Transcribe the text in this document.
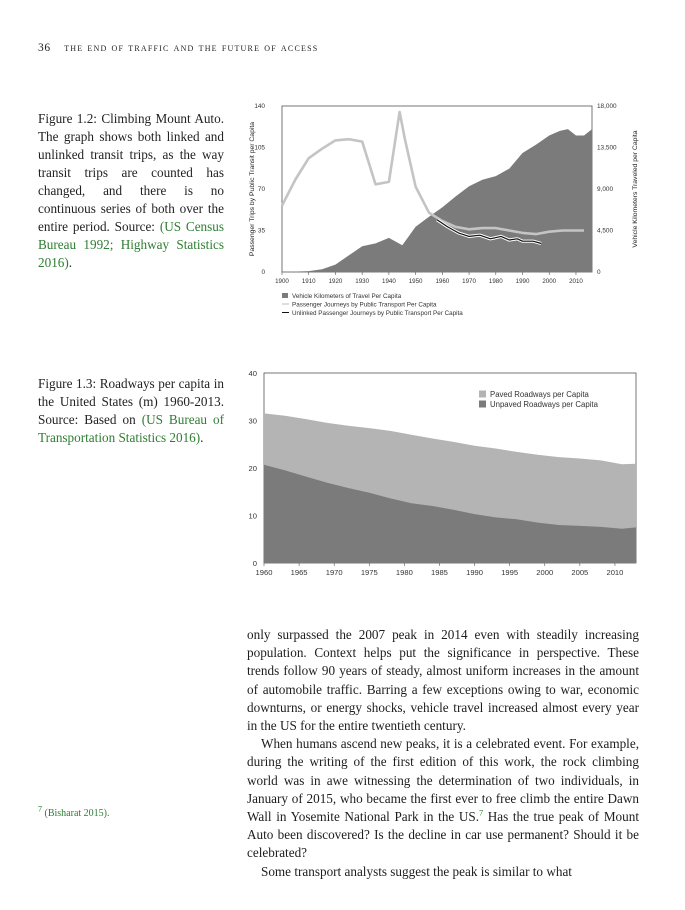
36 the end of traffic and the future of access
Figure 1.2: Climbing Mount Auto. The graph shows both linked and unlinked transit trips, as the way transit trips are counted has changed, and there is no continuous series of both over the entire period. Source: (US Census Bureau 1992; Highway Statistics 2016).
1900 1910 1920 1930 1940 1950 1960 1970 1980 1990 2000 2010
0
35
70
105
140
0
4,500
9,000
13,500
18,000
Passenger Trips by Public Transit per Capita	Vehicle Kilometers Traveled per Capita
Vehicle Kilometers of Travel Per Capita
Passenger Journeys by Public Transport Per Capita
Unlinked Passenger Journeys by Public Transport Per Capita
Figure 1.3: Roadways per capita in the United States (m) 1960-2013. Source: Based on (US Bureau of Transportation Statistics 2016).
1960 1965 1970 1975 1980 1985 1990 1995 2000 2005 2010
0
10
20
30
40
Paved Roadways per Capita
Unpaved Roadways per Capita

only surpassed the 2007 peak in 2014 even with steadily increasing population. Context helps put the significance in perspective. These trends follow 90 years of steady, almost uniform increases in the amount of automobile traffic. Barring a few exceptions owing to war, economic downturns, or energy shocks, vehicle travel increased almost every year in the US for the entire twentieth century.

When humans ascend new peaks, it is a celebrated event. For example, during the writing of the first edition of this work, the rock climbing world was in awe witnessing the determination of two individuals, in January of 2015, who became the first ever to free climb the entire Dawn Wall in Yosemite National Park in the US.$^7$ Has the true peak of Mount Auto been discovered? Is the decline in car use permanent? Should it be celebrated?

Some transport analysts suggest the peak is similar to what

$^7$ (Bisharat 2015).
